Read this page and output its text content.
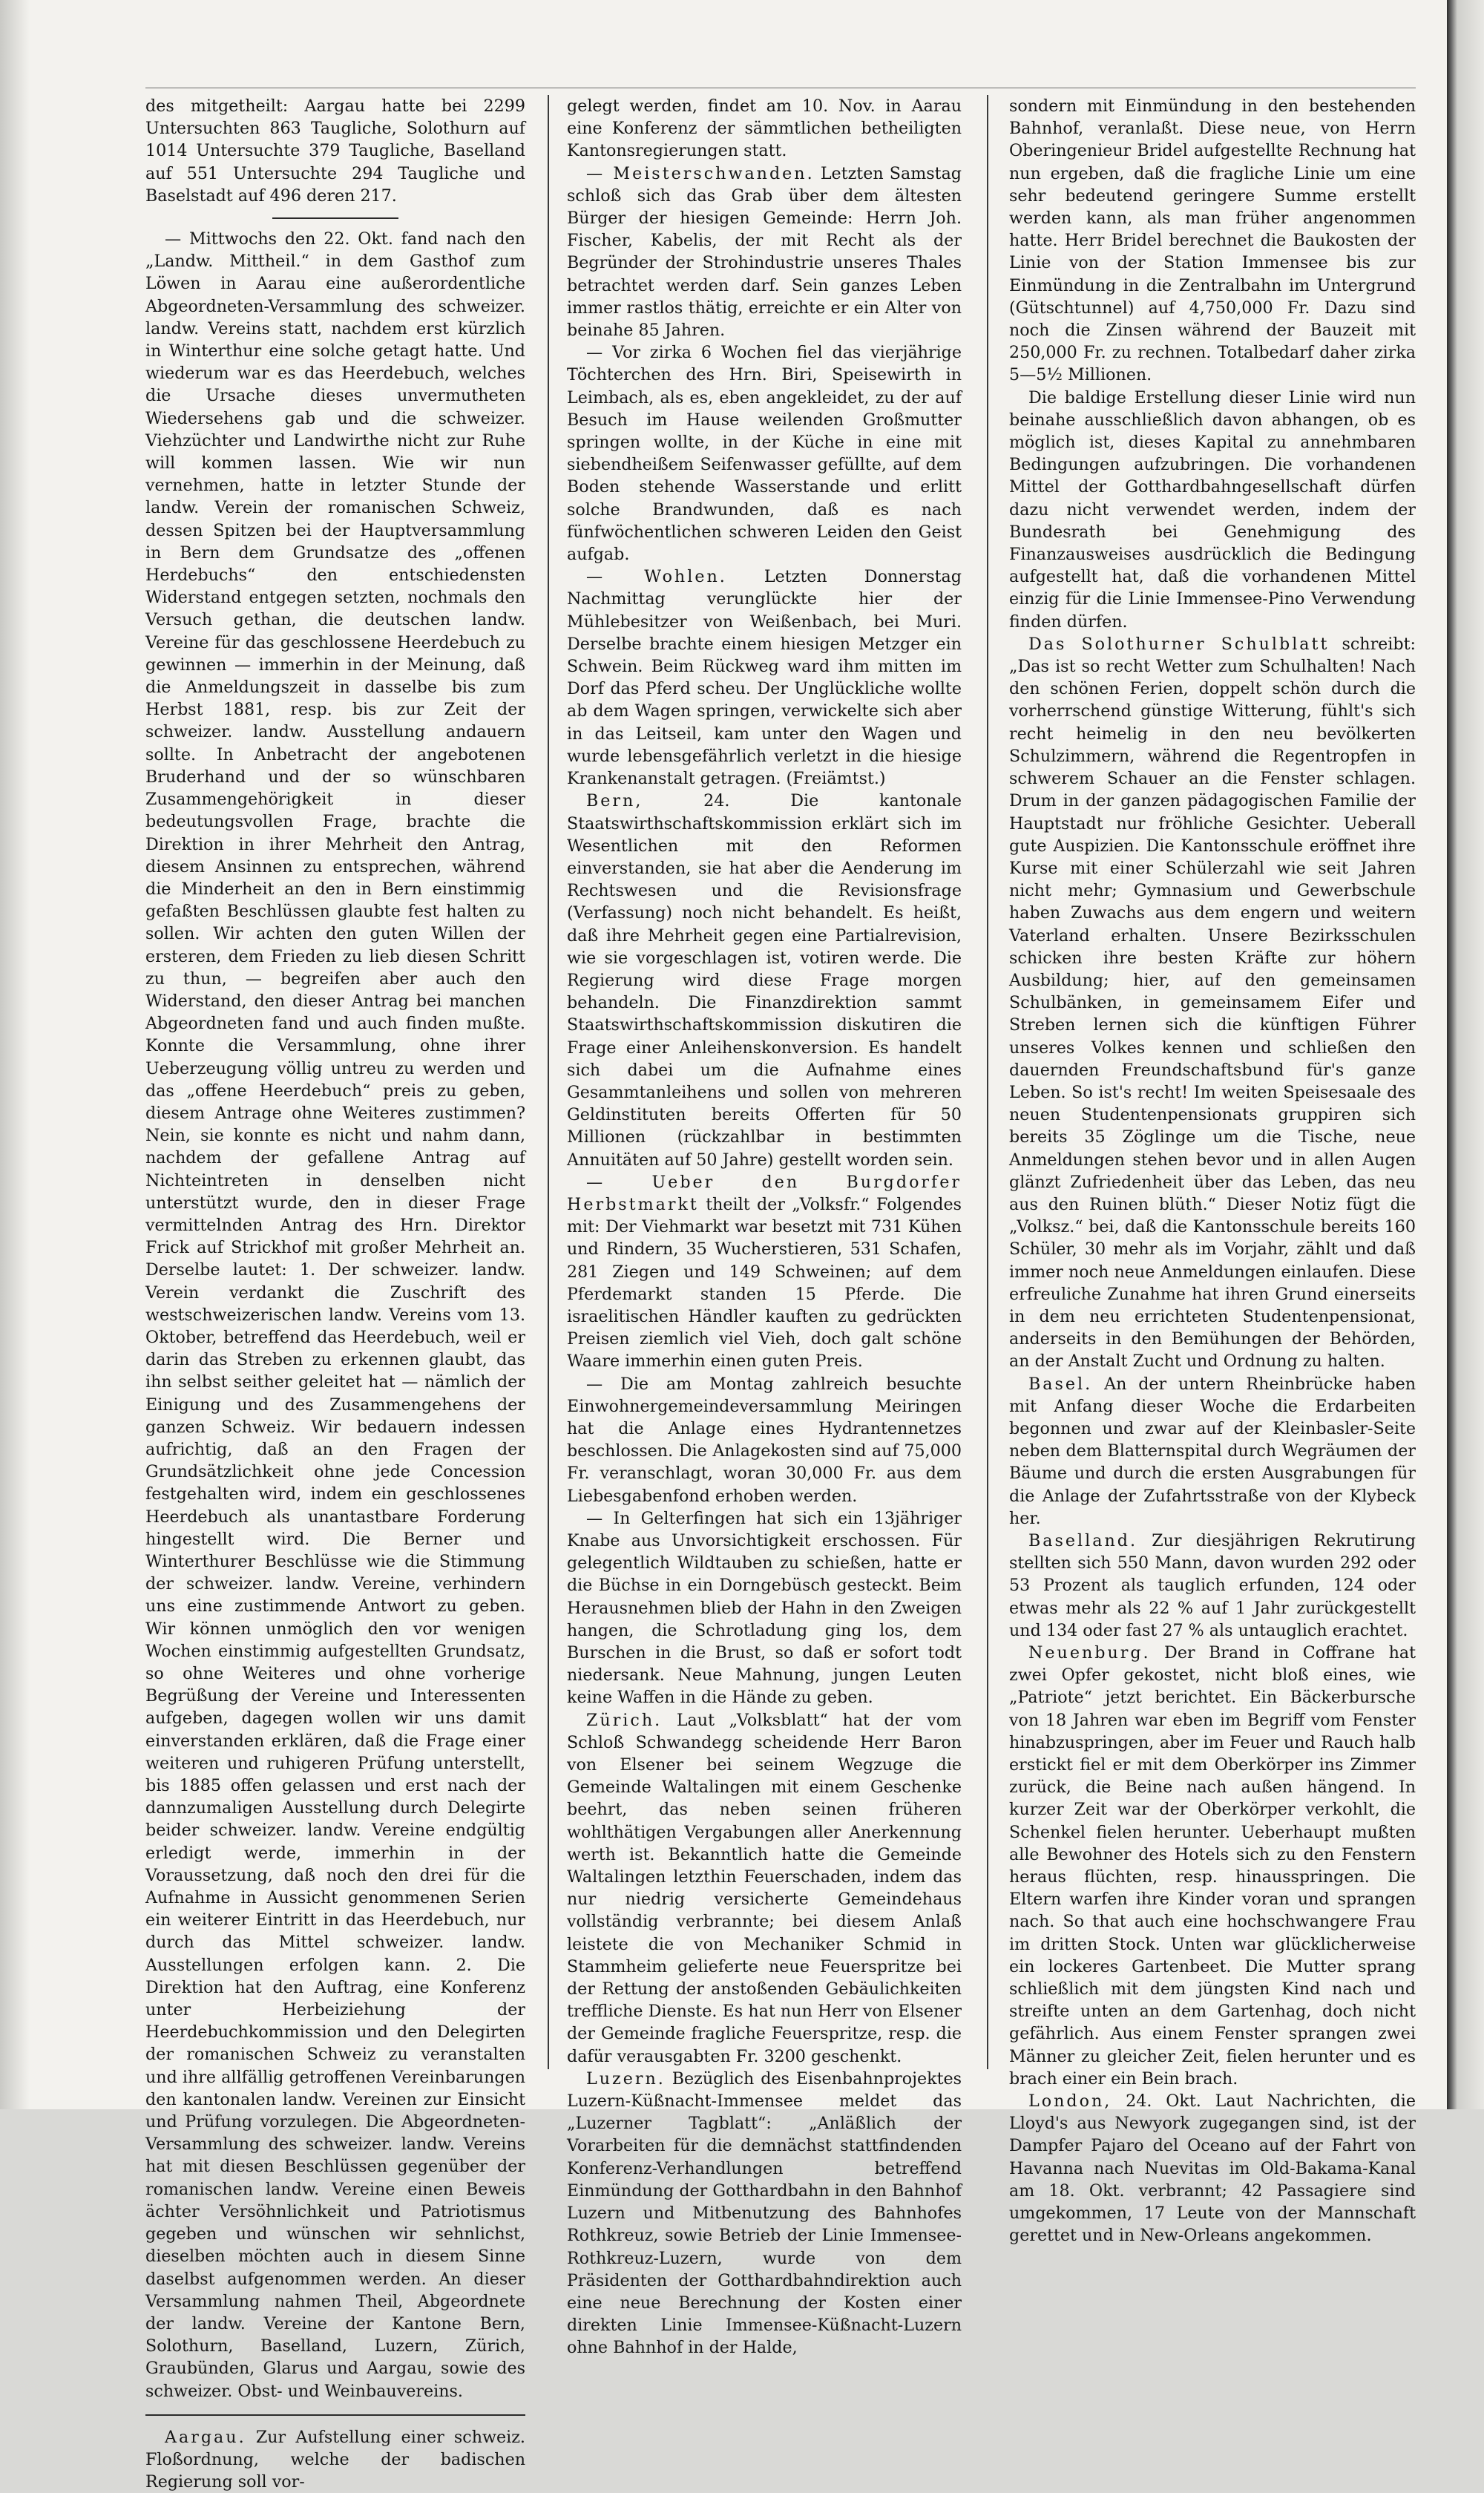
des mitgetheilt: Aargau hatte bei 2299 Untersuchten 863 Taugliche, Solothurn auf 1014 Untersuchte 379 Taugliche, Baselland auf 551 Untersuchte 294 Taugliche und Baselstadt auf 496 deren 217.

— Mittwochs den 22. Okt. fand nach den „Landw. Mittheil.“ in dem Gasthof zum Löwen in Aarau eine außerordentliche Abgeordneten-Versammlung des schweizer. landw. Vereins statt, nachdem erst kürzlich in Winterthur eine solche getagt hatte. Und wiederum war es das Heerdebuch, welches die Ursache dieses unvermutheten Wiedersehens gab und die schweizer. Viehzüchter und Landwirthe nicht zur Ruhe will kommen lassen. Wie wir nun vernehmen, hatte in letzter Stunde der landw. Verein der romanischen Schweiz, dessen Spitzen bei der Hauptversammlung in Bern dem Grundsatze des „offenen Herdebuchs“ den entschiedensten Widerstand entgegen setzten, nochmals den Versuch gethan, die deutschen landw. Vereine für das geschlossene Heerdebuch zu gewinnen — immerhin in der Meinung, daß die Anmeldungszeit in dasselbe bis zum Herbst 1881, resp. bis zur Zeit der schweizer. landw. Ausstellung andauern sollte. In Anbetracht der angebotenen Bruderhand und der so wünschbaren Zusammengehörigkeit in dieser bedeutungsvollen Frage, brachte die Direktion in ihrer Mehrheit den Antrag, diesem Ansinnen zu entsprechen, während die Minderheit an den in Bern einstimmig gefaßten Beschlüssen glaubte fest halten zu sollen. Wir achten den guten Willen der ersteren, dem Frieden zu lieb diesen Schritt zu thun, — begreifen aber auch den Widerstand, den dieser Antrag bei manchen Abgeordneten fand und auch finden mußte. Konnte die Versammlung, ohne ihrer Ueberzeugung völlig untreu zu werden und das „offene Heerdebuch“ preis zu geben, diesem Antrage ohne Weiteres zustimmen? Nein, sie konnte es nicht und nahm dann, nachdem der gefallene Antrag auf Nichteintreten in denselben nicht unterstützt wurde, den in dieser Frage vermittelnden Antrag des Hrn. Direktor Frick auf Strickhof mit großer Mehrheit an. Derselbe lautet: 1. Der schweizer. landw. Verein verdankt die Zuschrift des westschweizerischen landw. Vereins vom 13. Oktober, betreffend das Heerdebuch, weil er darin das Streben zu erkennen glaubt, das ihn selbst seither geleitet hat — nämlich der Einigung und des Zusammengehens der ganzen Schweiz. Wir bedauern indessen aufrichtig, daß an den Fragen der Grundsätzlichkeit ohne jede Concession festgehalten wird, indem ein geschlossenes Heerdebuch als unantastbare Forderung hingestellt wird. Die Berner und Winterthurer Beschlüsse wie die Stimmung der schweizer. landw. Vereine, verhindern uns eine zustimmende Antwort zu geben. Wir können unmöglich den vor wenigen Wochen einstimmig aufgestellten Grundsatz, so ohne Weiteres und ohne vorherige Begrüßung der Vereine und Interessenten aufgeben, dagegen wollen wir uns damit einverstanden erklären, daß die Frage einer weiteren und ruhigeren Prüfung unterstellt, bis 1885 offen gelassen und erst nach der dannzumaligen Ausstellung durch Delegirte beider schweizer. landw. Vereine endgültig erledigt werde, immerhin in der Voraussetzung, daß noch den drei für die Aufnahme in Aussicht genommenen Serien ein weiterer Eintritt in das Heerdebuch, nur durch das Mittel schweizer. landw. Ausstellungen erfolgen kann. 2. Die Direktion hat den Auftrag, eine Konferenz unter Herbeiziehung der Heerdebuchkommission und den Delegirten der romanischen Schweiz zu veranstalten und ihre allfällig getroffenen Vereinbarungen den kantonalen landw. Vereinen zur Einsicht und Prüfung vorzulegen. Die Abgeordneten-Versammlung des schweizer. landw. Vereins hat mit diesen Beschlüssen gegenüber der romanischen landw. Vereine einen Beweis ächter Versöhnlichkeit und Patriotismus gegeben und wünschen wir sehnlichst, dieselben möchten auch in diesem Sinne daselbst aufgenommen werden. An dieser Versammlung nahmen Theil, Abgeordnete der landw. Vereine der Kantone Bern, Solothurn, Baselland, Luzern, Zürich, Graubünden, Glarus und Aargau, sowie des schweizer. Obst- und Weinbauvereins.

Aargau. Zur Aufstellung einer schweiz. Floßordnung, welche der badischen Regierung soll vor-

gelegt werden, findet am 10. Nov. in Aarau eine Konferenz der sämmtlichen betheiligten Kantonsregierungen statt.

— Meisterschwanden. Letzten Samstag schloß sich das Grab über dem ältesten Bürger der hiesigen Gemeinde: Herrn Joh. Fischer, Kabelis, der mit Recht als der Begründer der Strohindustrie unseres Thales betrachtet werden darf. Sein ganzes Leben immer rastlos thätig, erreichte er ein Alter von beinahe 85 Jahren.

— Vor zirka 6 Wochen fiel das vierjährige Töchterchen des Hrn. Biri, Speisewirth in Leimbach, als es, eben angekleidet, zu der auf Besuch im Hause weilenden Großmutter springen wollte, in der Küche in eine mit siebendheißem Seifenwasser gefüllte, auf dem Boden stehende Wasserstande und erlitt solche Brandwunden, daß es nach fünfwöchentlichen schweren Leiden den Geist aufgab.

— Wohlen. Letzten Donnerstag Nachmittag verunglückte hier der Mühlebesitzer von Weißenbach, bei Muri. Derselbe brachte einem hiesigen Metzger ein Schwein. Beim Rückweg ward ihm mitten im Dorf das Pferd scheu. Der Unglückliche wollte ab dem Wagen springen, verwickelte sich aber in das Leitseil, kam unter den Wagen und wurde lebensgefährlich verletzt in die hiesige Krankenanstalt getragen. (Freiämtst.)

Bern,	24. Die kantonale Staatswirthschaftskommission erklärt sich im Wesentlichen mit den Reformen einverstanden, sie hat aber die Aenderung im Rechtswesen und die Revisionsfrage (Verfassung) noch nicht behandelt. Es heißt, daß ihre Mehrheit gegen eine Partialrevision, wie sie vorgeschlagen ist, votiren werde. Die Regierung wird diese Frage morgen behandeln. Die Finanzdirektion sammt Staatswirthschaftskommission diskutiren die Frage einer Anleihenskonversion. Es handelt sich dabei um die Aufnahme eines Gesammtanleihens und sollen von mehreren Geldinstituten bereits Offerten für 50 Millionen (rückzahlbar in bestimmten Annuitäten auf 50 Jahre) gestellt worden sein.

— Ueber den Burgdorfer Herbstmarkt theilt der „Volksfr.“ Folgendes mit: Der Viehmarkt war besetzt mit 731 Kühen und Rindern, 35 Wucherstieren, 531 Schafen, 281 Ziegen und 149 Schweinen; auf dem Pferdemarkt standen 15 Pferde. Die israelitischen Händler kauften zu gedrückten Preisen ziemlich viel Vieh, doch galt schöne Waare immerhin einen guten Preis.

— Die am Montag zahlreich besuchte Einwohnergemeindeversammlung Meiringen hat die Anlage eines Hydrantennetzes beschlossen. Die Anlagekosten sind auf 75,000 Fr. veranschlagt, woran 30,000 Fr. aus dem Liebesgabenfond erhoben werden.

— In Gelterfingen hat sich ein 13jähriger Knabe aus Unvorsichtigkeit erschossen. Für gelegentlich Wildtauben zu schießen, hatte er die Büchse in ein Dorngebüsch gesteckt. Beim Herausnehmen blieb der Hahn in den Zweigen hangen, die Schrotladung ging los, dem Burschen in die Brust, so daß er sofort todt niedersank. Neue Mahnung, jungen Leuten keine Waffen in die Hände zu geben.

Zürich. Laut „Volksblatt“ hat der vom Schloß Schwandegg scheidende Herr Baron von Elsener bei seinem Wegzuge die Gemeinde Waltalingen mit einem Geschenke beehrt, das neben seinen früheren wohlthätigen Vergabungen aller Anerkennung werth ist. Bekanntlich hatte die Gemeinde Waltalingen letzthin Feuerschaden, indem das nur niedrig versicherte Gemeindehaus vollständig verbrannte; bei diesem Anlaß leistete die von Mechaniker Schmid in Stammheim gelieferte neue Feuerspritze bei der Rettung der anstoßenden Gebäulichkeiten treffliche Dienste. Es hat nun Herr von Elsener der Gemeinde fragliche Feuerspritze, resp. die dafür verausgabten Fr. 3200 geschenkt.

Luzern. Bezüglich des Eisenbahnprojektes Luzern-Küßnacht-Immensee meldet das „Luzerner Tagblatt“: „Anläßlich der Vorarbeiten für die demnächst stattfindenden Konferenz-Verhandlungen betreffend Einmündung der Gotthardbahn in den Bahnhof Luzern und Mitbenutzung des Bahnhofes Rothkreuz, sowie Betrieb der Linie Immensee-Rothkreuz-Luzern, wurde von dem Präsidenten der Gotthardbahndirektion auch eine neue Berechnung der Kosten einer direkten Linie Immensee-Küßnacht-Luzern ohne Bahnhof in der Halde,

sondern mit Einmündung in den bestehenden Bahnhof, veranlaßt. Diese neue, von Herrn Oberingenieur Bridel aufgestellte Rechnung hat nun ergeben, daß die fragliche Linie um eine sehr bedeutend geringere Summe erstellt werden kann, als man früher angenommen hatte. Herr Bridel berechnet die Baukosten der Linie von der Station Immensee bis zur Einmündung in die Zentralbahn im Untergrund (Gütschtunnel) auf 4,750,000 Fr. Dazu sind noch die Zinsen während der Bauzeit mit 250,000 Fr. zu rechnen. Totalbedarf daher zirka 5—5½ Millionen.

Die baldige Erstellung dieser Linie wird nun beinahe ausschließlich davon abhangen, ob es möglich ist, dieses Kapital zu annehmbaren Bedingungen aufzubringen. Die vorhandenen Mittel der Gotthardbahngesellschaft dürfen dazu nicht verwendet werden, indem der Bundesrath bei Genehmigung des Finanzausweises ausdrücklich die Bedingung aufgestellt hat, daß die vorhandenen Mittel einzig für die Linie Immensee-Pino Verwendung finden dürfen.

Das Solothurner Schulblatt schreibt: „Das ist so recht Wetter zum Schulhalten! Nach den schönen Ferien, doppelt schön durch die vorherrschend günstige Witterung, fühlt's sich recht heimelig in den neu bevölkerten Schulzimmern, während die Regentropfen in schwerem Schauer an die Fenster schlagen. Drum in der ganzen pädagogischen Familie der Hauptstadt nur fröhliche Gesichter. Ueberall gute Auspizien. Die Kantonsschule eröffnet ihre Kurse mit einer Schülerzahl wie seit Jahren nicht mehr; Gymnasium und Gewerbschule haben Zuwachs aus dem engern und weitern Vaterland erhalten. Unsere Bezirksschulen schicken ihre besten Kräfte zur höhern Ausbildung; hier, auf den gemeinsamen Schulbänken, in gemeinsamem Eifer und Streben lernen sich die künftigen Führer unseres Volkes kennen und schließen den dauernden Freundschaftsbund für's ganze Leben. So ist's recht! Im weiten Speisesaale des neuen Studentenpensionats gruppiren sich bereits 35 Zöglinge um die Tische, neue Anmeldungen stehen bevor und in allen Augen glänzt Zufriedenheit über das Leben, das neu aus den Ruinen blüth.“ Dieser Notiz fügt die „Volksz.“ bei, daß die Kantonsschule bereits 160 Schüler, 30 mehr als im Vorjahr, zählt und daß immer noch neue Anmeldungen einlaufen. Diese erfreuliche Zunahme hat ihren Grund einerseits in dem neu errichteten Studentenpensionat, anderseits in den Bemühungen der Behörden, an der Anstalt Zucht und Ordnung zu halten.

Basel. An der untern Rheinbrücke haben mit Anfang dieser Woche die Erdarbeiten begonnen und zwar auf der Kleinbasler-Seite neben dem Blatternspital durch Wegräumen der Bäume und durch die ersten Ausgrabungen für die Anlage der Zufahrtsstraße von der Klybeck her.

Baselland. Zur diesjährigen Rekrutirung stellten sich 550 Mann, davon wurden 292 oder 53 Prozent als tauglich erfunden, 124 oder etwas mehr als 22 % auf 1 Jahr zurückgestellt und 134 oder fast 27 % als untauglich erachtet.

Neuenburg. Der Brand in Coffrane hat zwei Opfer gekostet, nicht bloß eines, wie „Patriote“ jetzt berichtet. Ein Bäckerbursche von 18 Jahren war eben im Begriff vom Fenster hinabzuspringen, aber im Feuer und Rauch halb erstickt fiel er mit dem Oberkörper ins Zimmer zurück, die Beine nach außen hängend. In kurzer Zeit war der Oberkörper verkohlt, die Schenkel fielen herunter. Ueberhaupt mußten alle Bewohner des Hotels sich zu den Fenstern heraus flüchten, resp. hinausspringen. Die Eltern warfen ihre Kinder voran und sprangen nach. So that auch eine hochschwangere Frau im dritten Stock. Unten war glücklicherweise ein lockeres Gartenbeet. Die Mutter sprang schließlich mit dem jüngsten Kind nach und streifte unten an dem Gartenhag, doch nicht gefährlich. Aus einem Fenster sprangen zwei Männer zu gleicher Zeit, fielen herunter und es brach einer ein Bein brach.

London, 24. Okt. Laut Nachrichten, die Lloyd's aus Newyork zugegangen sind, ist der Dampfer Pajaro del Oceano auf der Fahrt von Havanna nach Nuevitas im Old-Bakama-Kanal am 18. Okt. verbrannt; 42 Passagiere sind umgekommen, 17 Leute von der Mannschaft gerettet und in New-Orleans angekommen.
